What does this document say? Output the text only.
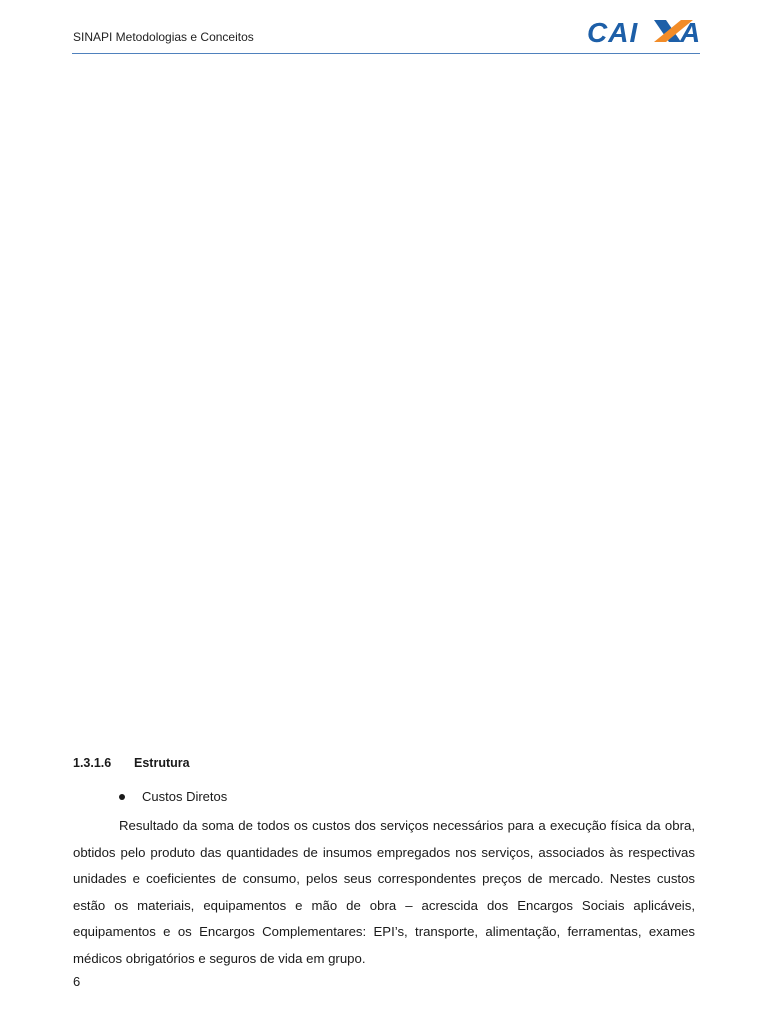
SINAPI Metodologias e Conceitos	CAI A
1.3.1.6	Estrutura
Custos Diretos

Resultado da soma de todos os custos dos serviços necessários para a execução física da obra, obtidos pelo produto das quantidades de insumos empregados nos serviços, associados às respectivas unidades e coeficientes de consumo, pelos seus correspondentes preços de mercado. Nestes custos estão os materiais, equipamentos e mão de obra – acrescida dos Encargos Sociais aplicáveis, equipamentos e os Encargos Complementares: EPI’s, transporte, alimentação, ferramentas, exames médicos obrigatórios e seguros de vida em grupo.

6
